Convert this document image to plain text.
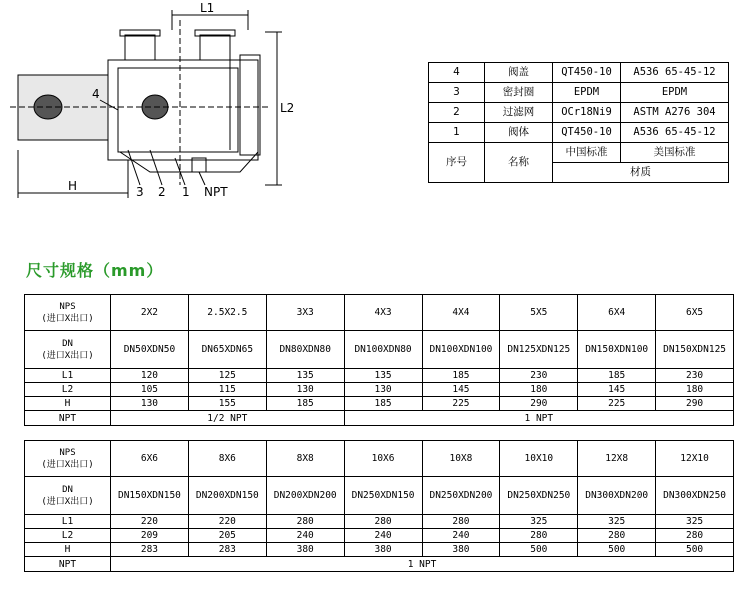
L1
L2
H
4
3 2 1 NPT
4	阀盖	QT450-10	A536 65-45-12
3	密封圈	EPDM	EPDM
2	过滤网	OCr18Ni9	ASTM A276 304
1	阀体	QT450-10	A536 65-45-12
序号	名称	中国标准	美国标准
		材质	
尺寸规格（mm）
NPS
(进口X出口)	2X2	2.5X2.5	3X3	4X3	4X4	5X5	6X4	6X5
DN
(进口X出口)	DN50XDN50	DN65XDN65	DN80XDN80	DN100XDN80	DN100XDN100	DN125XDN125	DN150XDN100	DN150XDN125
L1	120	125	135	135	185	230	185	230
L2	105	115	130	130	145	180	145	180
H	130	155	185	185	225	290	225	290
NPT	1/2 NPT			1 NPT				
NPS
(进口X出口)	6X6	8X6	8X8	10X6	10X8	10X10	12X8	12X10
DN
(进口X出口)	DN150XDN150	DN200XDN150	DN200XDN200	DN250XDN150	DN250XDN200	DN250XDN250	DN300XDN200	DN300XDN250
L1	220	220	280	280	280	325	325	325
L2	209	205	240	240	240	280	280	280
H	283	283	380	380	380	500	500	500
NPT	1 NPT							
